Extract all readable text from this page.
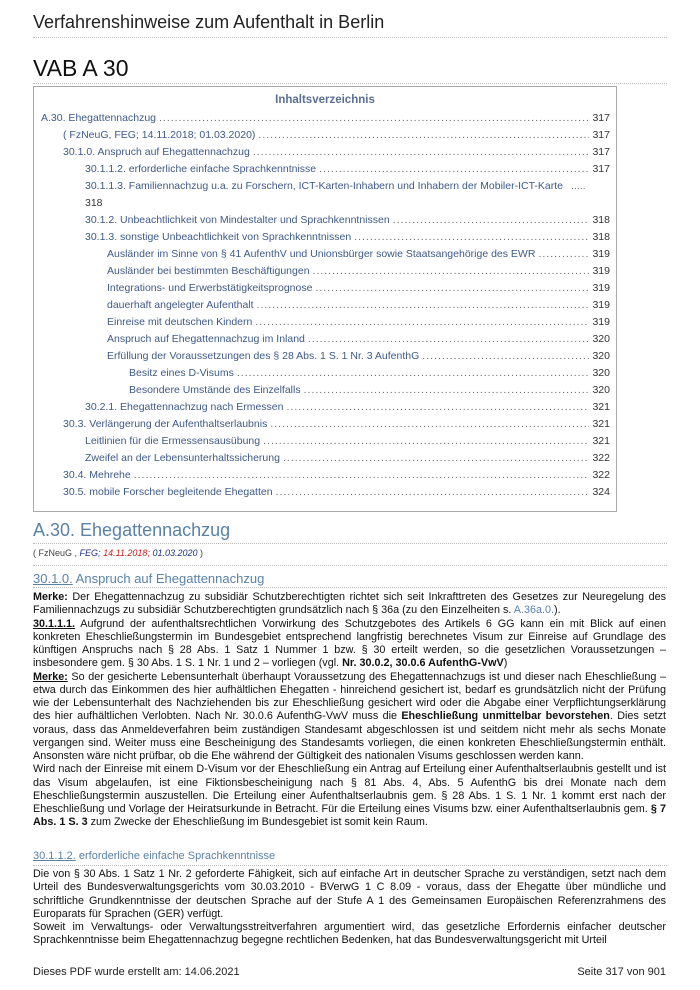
Verfahrenshinweise zum Aufenthalt in Berlin
VAB A 30
Inhaltsverzeichnis
A.30. Ehegattennachzug .....	317
( FzNeuG, FEG; 14.11.2018; 01.03.2020) .....	317
30.1.0. Anspruch auf Ehegattennachzug .....	317
30.1.1.2. erforderliche einfache Sprachkenntnisse .....	317
30.1.1.3. Familiennachzug u.a. zu Forschern, ICT-Karten-Inhabern und Inhabern der Mobiler-ICT-Karte .....
318
30.1.2. Unbeachtlichkeit von Mindestalter und Sprachkenntnissen .....	318
30.1.3. sonstige Unbeachtlichkeit von Sprachkenntnissen .....	318
Ausländer im Sinne von § 41 AufenthV und Unionsbürger sowie Staatsangehörige des EWR .....	319
Ausländer bei bestimmten Beschäftigungen .....	319
Integrations- und Erwerbstätigkeitsprognose .....	319
dauerhaft angelegter Aufenthalt .....	319
Einreise mit deutschen Kindern .....	319
Anspruch auf Ehegattennachzug im Inland .....	320
Erfüllung der Voraussetzungen des § 28 Abs. 1 S. 1 Nr. 3 AufenthG .....	320
Besitz eines D-Visums .....	320
Besondere Umstände des Einzelfalls .....	320
30.2.1. Ehegattennachzug nach Ermessen .....	321
30.3. Verlängerung der Aufenthaltserlaubnis .....	321
Leitlinien für die Ermessensausübung .....	321
Zweifel an der Lebensunterhaltssicherung .....	322
30.4. Mehrehe .....	322
30.5. mobile Forscher begleitende Ehegatten .....	324
A.30. Ehegattennachzug
( FzNeuG , FEG; 14.11.2018; 01.03.2020 )
30.1.0. Anspruch auf Ehegattennachzug

Merke: Der Ehegattennachzug zu subsidiär Schutzberechtigten richtet sich seit Inkrafttreten des Gesetzes zur Neuregelung des Familiennachzugs zu subsidiär Schutzberechtigten grundsätzlich nach § 36a (zu den Einzelheiten s. A.36a.0.).

30.1.1.1. Aufgrund der aufenthaltsrechtlichen Vorwirkung des Schutzgebotes des Artikels 6 GG kann ein mit Blick auf einen konkreten Eheschließungstermin im Bundesgebiet entsprechend langfristig berechnetes Visum zur Einreise auf Grundlage des künftigen Anspruchs nach § 28 Abs. 1 Satz 1 Nummer 1 bzw. § 30 erteilt werden, so die gesetzlichen Voraussetzungen – insbesondere gem. § 30 Abs. 1 S. 1 Nr. 1 und 2 – vorliegen (vgl. Nr. 30.0.2, 30.0.6 AufenthG-VwV)

Merke: So der gesicherte Lebensunterhalt überhaupt Voraussetzung des Ehegattennachzugs ist und dieser nach Eheschließung – etwa durch das Einkommen des hier aufhältlichen Ehegatten - hinreichend gesichert ist, bedarf es grundsätzlich nicht der Prüfung wie der Lebensunterhalt des Nachziehenden bis zur Eheschließung gesichert wird oder die Abgabe einer Verpflichtungserklärung des hier aufhältlichen Verlobten. Nach Nr. 30.0.6 AufenthG-VwV muss die Eheschließung unmittelbar bevorstehen. Dies setzt voraus, dass das Anmeldeverfahren beim zuständigen Standesamt abgeschlossen ist und seitdem nicht mehr als sechs Monate vergangen sind. Weiter muss eine Bescheinigung des Standesamts vorliegen, die einen konkreten Eheschließungstermin enthält. Ansonsten wäre nicht prüfbar, ob die Ehe während der Gültigkeit des nationalen Visums geschlossen werden kann.

Wird nach der Einreise mit einem D-Visum vor der Eheschließung ein Antrag auf Erteilung einer Aufenthaltserlaubnis gestellt und ist das Visum abgelaufen, ist eine Fiktionsbescheinigung nach § 81 Abs. 4, Abs. 5 AufenthG bis drei Monate nach dem Eheschließungstermin auszustellen. Die Erteilung einer Aufenthaltserlaubnis gem. § 28 Abs. 1 S. 1 Nr. 1 kommt erst nach der Eheschließung und Vorlage der Heiratsurkunde in Betracht. Für die Erteilung eines Visums bzw. einer Aufenthaltserlaubnis gem. § 7 Abs. 1 S. 3 zum Zwecke der Eheschließung im Bundesgebiet ist somit kein Raum.

30.1.1.2. erforderliche einfache Sprachkenntnisse

Die von § 30 Abs. 1 Satz 1 Nr. 2 geforderte Fähigkeit, sich auf einfache Art in deutscher Sprache zu verständigen, setzt nach dem Urteil des Bundesverwaltungsgerichts vom 30.03.2010 - BVerwG 1 C 8.09 - voraus, dass der Ehegatte über mündliche und schriftliche Grundkenntnisse der deutschen Sprache auf der Stufe A 1 des Gemeinsamen Europäischen Referenzrahmens des Europarats für Sprachen (GER) verfügt.

Soweit im Verwaltungs- oder Verwaltungsstreitverfahren argumentiert wird, das gesetzliche Erfordernis einfacher deutscher Sprachkenntnisse beim Ehegattennachzug begegne rechtlichen Bedenken, hat das Bundesverwaltungsgericht mit Urteil

Dieses PDF wurde erstellt am: 14.06.2021	Seite 317 von 901
